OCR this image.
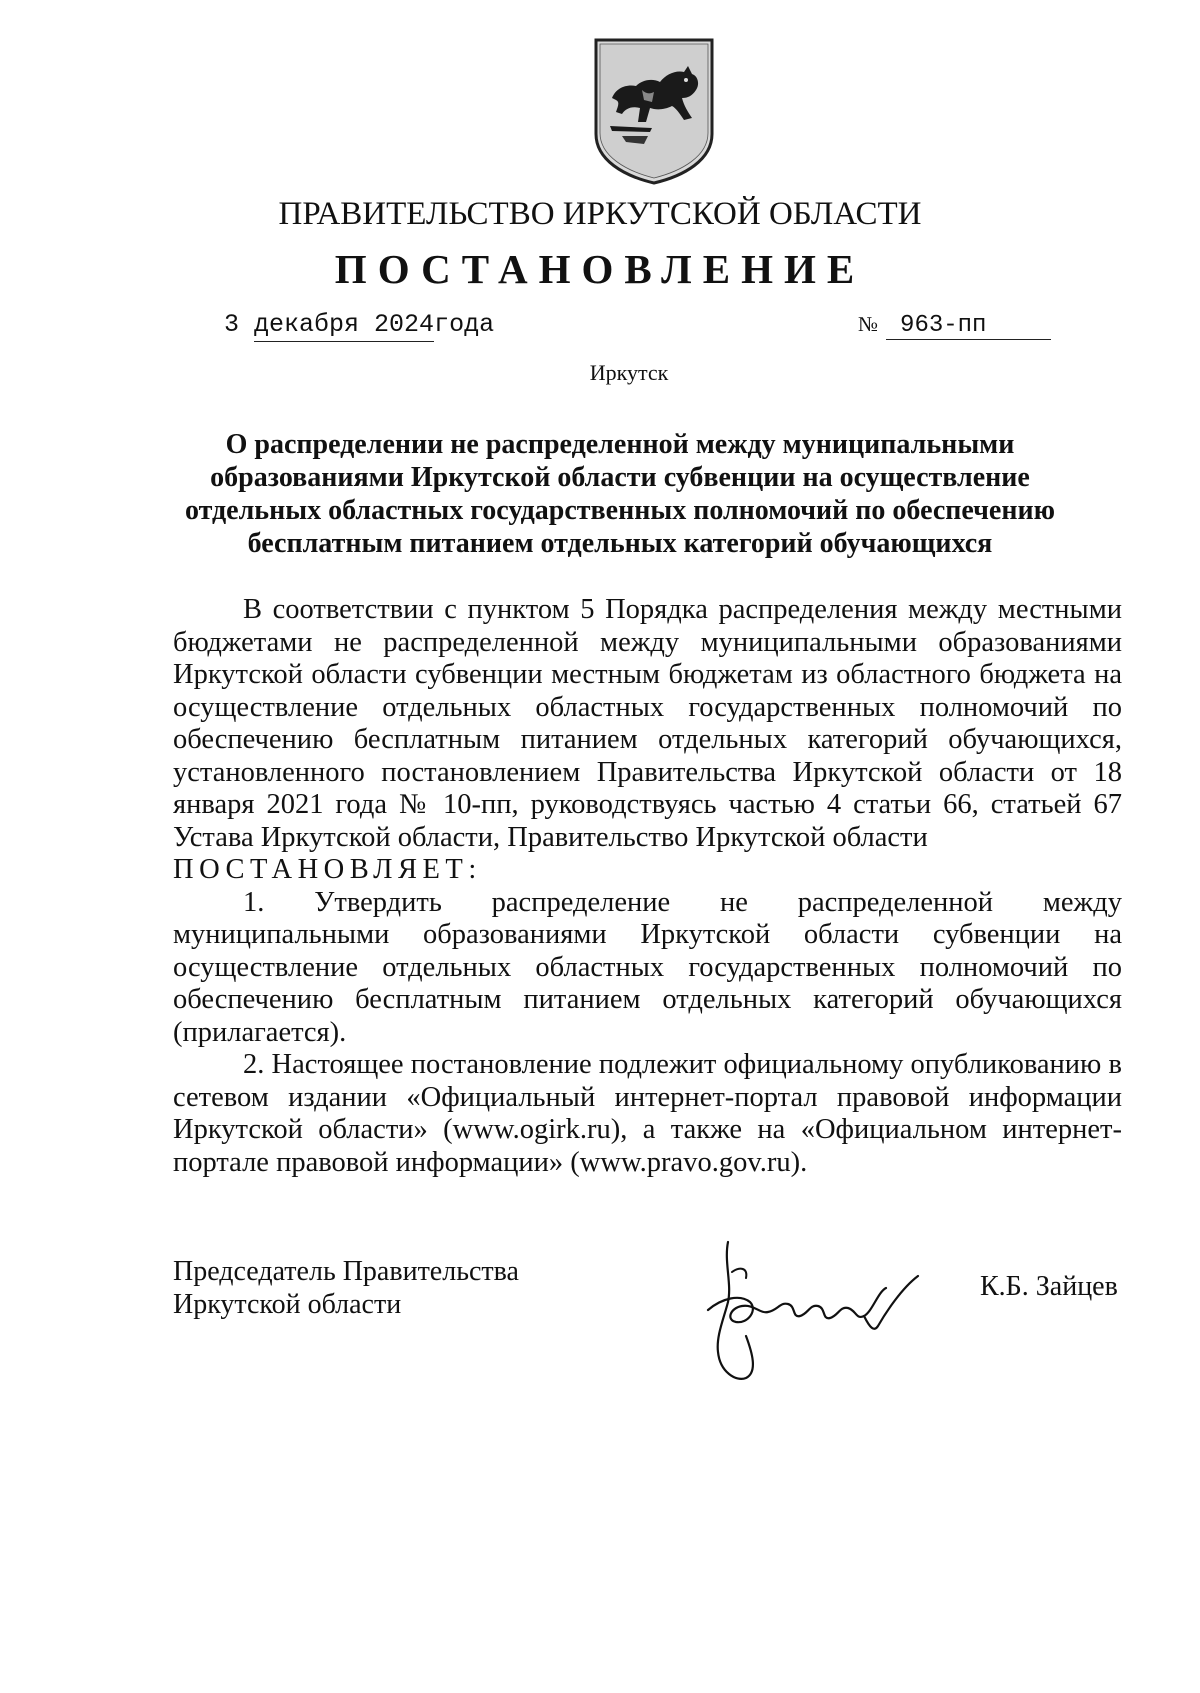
ПРАВИТЕЛЬСТВО ИРКУТСКОЙ ОБЛАСТИ
ПОСТАНОВЛЕНИЕ
3 декабря 2024года	№ 963-пп
Иркутск
О распределении не распределенной между муниципальными образованиями Иркутской области субвенции на осуществление отдельных областных государственных полномочий по обеспечению бесплатным питанием отдельных категорий обучающихся

В соответствии с пунктом 5 Порядка распределения между местными бюджетами не распределенной между муниципальными образованиями Иркутской области субвенции местным бюджетам из областного бюджета на осуществление отдельных областных государственных полномочий по обеспечению бесплатным питанием отдельных категорий обучающихся, установленного постановлением Правительства Иркутской области от 18 января 2021 года № 10-пп, руководствуясь частью 4 статьи 66, статьей 67 Устава Иркутской области, Правительство Иркутской области

ПОСТАНОВЛЯЕТ:

1. Утвердить распределение не распределенной между муниципальными образованиями Иркутской области субвенции на осуществление отдельных областных государственных полномочий по обеспечению бесплатным питанием отдельных категорий обучающихся (прилагается).

2. Настоящее постановление подлежит официальному опубликованию в сетевом издании «Официальный интернет-портал правовой информации Иркутской области» (www.ogirk.ru), а также на «Официальном интернет-портале правовой информации» (www.pravo.gov.ru).

Председатель Правительства
Иркутской области
К.Б. Зайцев
